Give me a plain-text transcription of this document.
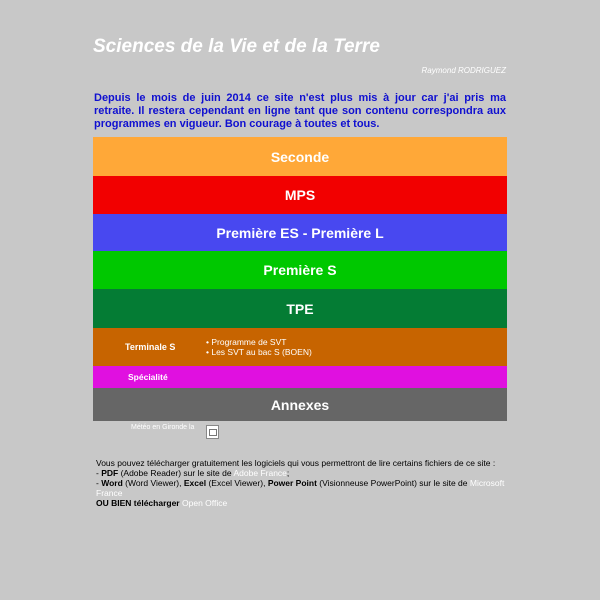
Sciences de la Vie et de la Terre
Raymond RODRIGUEZ
Depuis le mois de juin 2014 ce site n'est plus mis à jour car j'ai pris ma retraite. Il restera cependant en ligne tant que son contenu correspondra aux programmes en vigueur. Bon courage à toutes et tous.
Seconde
MPS
Première ES - Première L
Première S
TPE
Terminale S	• Programme de SVT
• Les SVT au bac S (BOEN)
Spécialité
Annexes
Météo en Gironde la
Vous pouvez télécharger gratuitement les logiciels qui vous permettront de lire certains fichiers de ce site :
- PDF (Adobe Reader) sur le site de Adobe France;
- Word (Word Viewer), Excel (Excel Viewer), Power Point (Visionneuse PowerPoint) sur le site de Microsoft France
OU BIEN télécharger Open Office
